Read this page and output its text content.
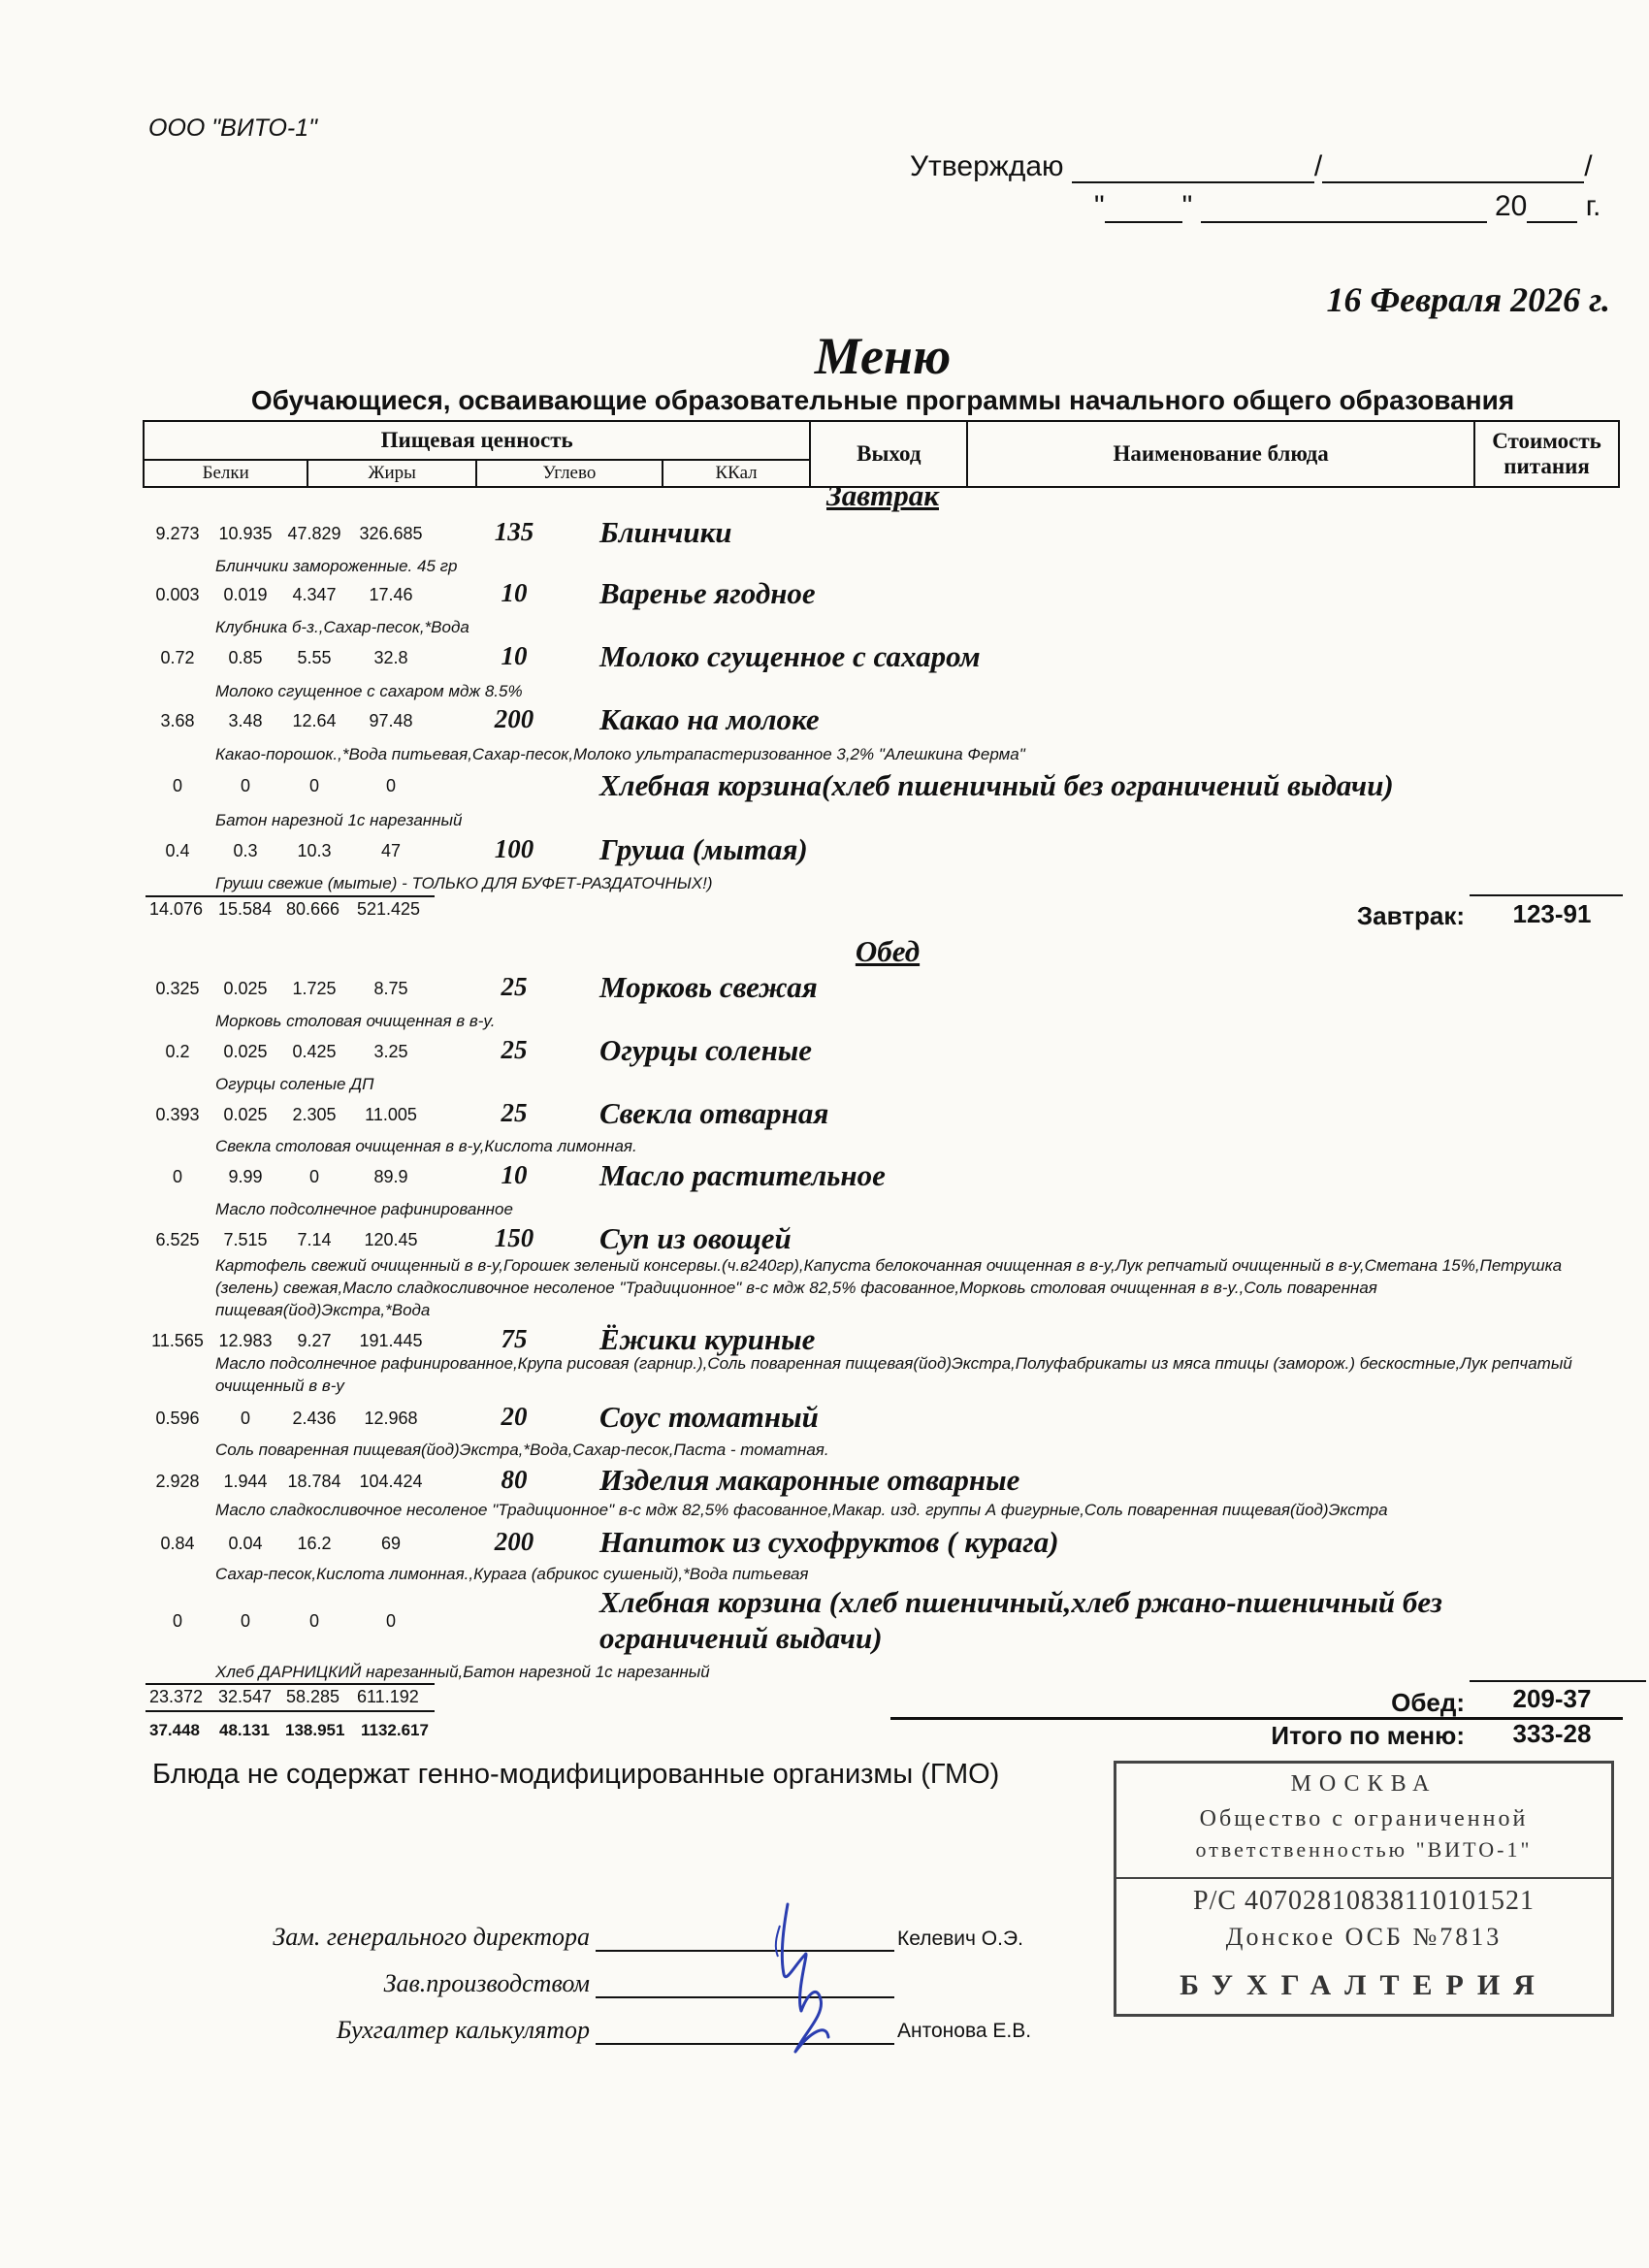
ООО "ВИТО-1"
Утверждаю	/	/
"	"	20 г.
16 Февраля 2026 г.
Меню
Обучающиеся, осваивающие образовательные программы начального общего образования
Пищевая ценность				Выход	Наименование блюда	Стоимость питания
Белки	Жиры	Углево	ККал			
Завтрак
9.273	10.935 47.829 326.685	135	Блинчики
Блинчики замороженные. 45 гр
0.003	0.019	4.347	17.46	10	Варенье ягодное
Клубника б-з.,Сахар-песок,*Вода
0.72	0.85	5.55	32.8	10	Молоко сгущенное с сахаром
Молоко сгущенное с сахаром мдж 8.5%
3.68	3.48	12.64	97.48	200	Какао на молоке
Какао-порошок.,*Вода питьевая,Сахар-песок,Молоко ультрапастеризованное 3,2% "Алешкина Ферма"
0	0	0	0	Хлебная корзина(хлеб пшеничный без ограничений выдачи)
Батон нарезной 1с нарезанный
0.4	0.3	10.3	47	100	Груша (мытая)
Груши свежие (мытые) - ТОЛЬКО ДЛЯ БУФЕТ-РАЗДАТОЧНЫХ!)
14.076 15.584 80.666 521.425	Завтрак:	123-91
Обед
0.325	0.025	1.725	8.75	25	Морковь свежая
Морковь столовая очищенная в в-у.
0.2	0.025	0.425	3.25	25	Огурцы соленые
Огурцы соленые ДП
0.393	0.025	2.305	11.005	25	Свекла отварная
Свекла столовая очищенная в в-у,Кислота лимонная.
0	9.99	0	89.9	10	Масло растительное
Масло подсолнечное рафинированное
6.525	7.515	7.14	120.45	150	Суп из овощей
Картофель свежий очищенный в в-у,Горошек зеленый консервы.(ч.в240гр),Капуста белокочанная очищенная в в-у,Лук репчатый очищенный в в-у,Сметана 15%,Петрушка (зелень) свежая,Масло сладкосливочное несоленое "Традиционное" в-с мдж 82,5% фасованное,Морковь столовая очищенная в в-у.,Соль поваренная пищевая(йод)Экстра,*Вода
11.565 12.983	9.27	191.445	75	Ёжики куриные
Масло подсолнечное рафинированное,Крупа рисовая (гарнир.),Соль поваренная пищевая(йод)Экстра,Полуфабрикаты из мяса птицы (заморож.) бескостные,Лук репчатый очищенный в в-у
0.596	0	2.436	12.968	20	Соус томатный
Соль поваренная пищевая(йод)Экстра,*Вода,Сахар-песок,Паста - томатная.
2.928	1.944	18.784 104.424	80	Изделия макаронные отварные
Масло сладкосливочное несоленое "Традиционное" в-с мдж 82,5% фасованное,Макар. изд. группы А фигурные,Соль поваренная пищевая(йод)Экстра
0.84	0.04	16.2	69	200	Напиток из сухофруктов ( курага)
Сахар-песок,Кислота лимонная.,Курага (абрикос сушеный),*Вода питьевая
0	0	0	0
Хлебная корзина (хлеб пшеничный,хлеб ржано-пшеничный без ограничений выдачи)
Хлеб ДАРНИЦКИЙ нарезанный,Батон нарезной 1с нарезанный
23.372 32.547 58.285 611.192	Обед:	209-37
37.448 48.131 138.951 1132.617	Итого по меню:	333-28
Блюда не содержат генно-модифицированные организмы (ГМО)	МОСКВА
Общество с ограниченной
ответственностью "ВИТО-1"
Р/С 40702810838110101521
Донское ОСБ №7813
БУХГАЛТЕРИЯ
Зам. генерального директора	Келевич О.Э.
Зав.производством
Бухгалтер калькулятор	Антонова Е.В.
